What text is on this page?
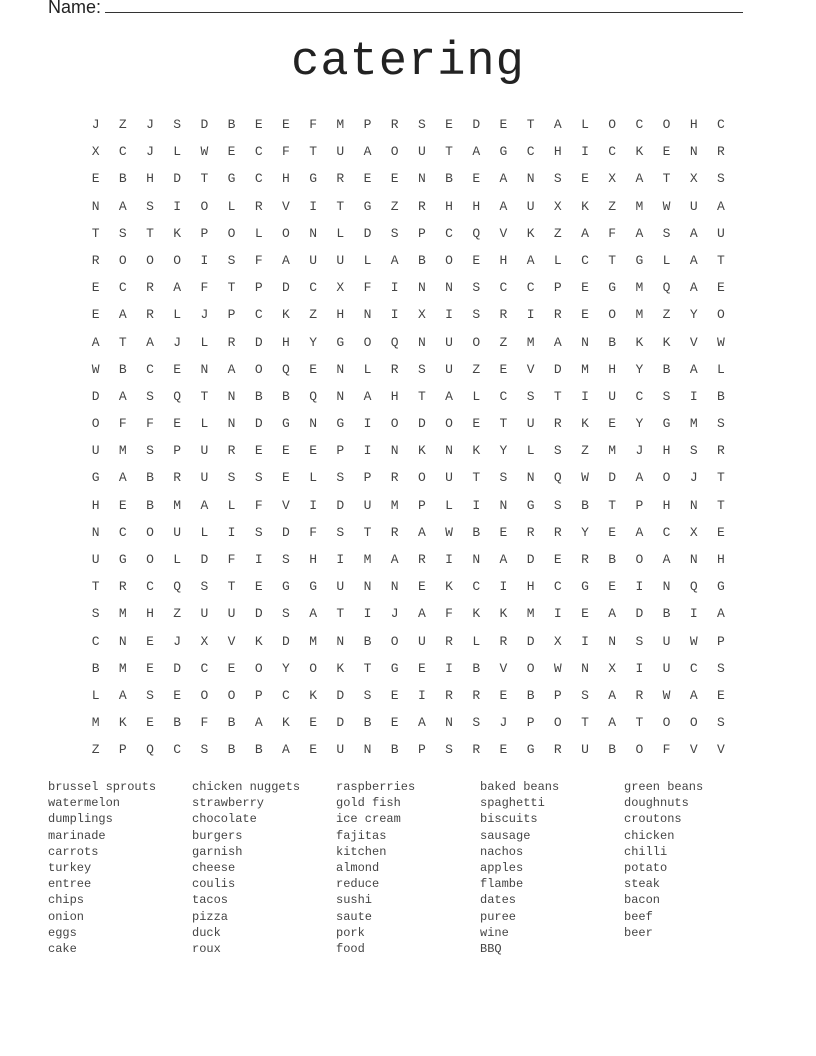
Name:
catering
J	Z	J	S	D	B	E	E	F	M	P	R	S	E	D	E	T	A	L	O	C	O	H	C
X	C	J	L	W	E	C	F	T	U	A	O	U	T	A	G	C	H	I	C	K	E	N	R
E	B	H	D	T	G	C	H	G	R	E	E	N	B	E	A	N	S	E	X	A	T	X	S
N	A	S	I	O	L	R	V	I	T	G	Z	R	H	H	A	U	X	K	Z	M	W	U	A
T	S	T	K	P	O	L	O	N	L	D	S	P	C	Q	V	K	Z	A	F	A	S	A	U
R	O	O	O	I	S	F	A	U	U	L	A	B	O	E	H	A	L	C	T	G	L	A	T
E	C	R	A	F	T	P	D	C	X	F	I	N	N	S	C	C	P	E	G	M	Q	A	E
E	A	R	L	J	P	C	K	Z	H	N	I	X	I	S	R	I	R	E	O	M	Z	Y	O
A	T	A	J	L	R	D	H	Y	G	O	Q	N	U	O	Z	M	A	N	B	K	K	V	W
W	B	C	E	N	A	O	Q	E	N	L	R	S	U	Z	E	V	D	M	H	Y	B	A	L
D	A	S	Q	T	N	B	B	Q	N	A	H	T	A	L	C	S	T	I	U	C	S	I	B
O	F	F	E	L	N	D	G	N	G	I	O	D	O	E	T	U	R	K	E	Y	G	M	S
U	M	S	P	U	R	E	E	E	P	I	N	K	N	K	Y	L	S	Z	M	J	H	S	R
G	A	B	R	U	S	S	E	L	S	P	R	O	U	T	S	N	Q	W	D	A	O	J	T
H	E	B	M	A	L	F	V	I	D	U	M	P	L	I	N	G	S	B	T	P	H	N	T
N	C	O	U	L	I	S	D	F	S	T	R	A	W	B	E	R	R	Y	E	A	C	X	E
U	G	O	L	D	F	I	S	H	I	M	A	R	I	N	A	D	E	R	B	O	A	N	H
T	R	C	Q	S	T	E	G	G	U	N	N	E	K	C	I	H	C	G	E	I	N	Q	G
S	M	H	Z	U	U	D	S	A	T	I	J	A	F	K	K	M	I	E	A	D	B	I	A
C	N	E	J	X	V	K	D	M	N	B	O	U	R	L	R	D	X	I	N	S	U	W	P
B	M	E	D	C	E	O	Y	O	K	T	G	E	I	B	V	O	W	N	X	I	U	C	S
L	A	S	E	O	O	P	C	K	D	S	E	I	R	R	E	B	P	S	A	R	W	A	E
M	K	E	B	F	B	A	K	E	D	B	E	A	N	S	J	P	O	T	A	T	O	O	S
Z	P	Q	C	S	B	B	A	E	U	N	B	P	S	R	E	G	R	U	B	O	F	V	V
brussel sprouts
watermelon
dumplings
marinade
carrots
turkey
entree
chips
onion
eggs
cake
chicken nuggets
strawberry
chocolate
burgers
garnish
cheese
coulis
tacos
pizza
duck
roux
raspberries
gold fish
ice cream
fajitas
kitchen
almond
reduce
sushi
saute
pork
food
baked beans
spaghetti
biscuits
sausage
nachos
apples
flambe
dates
puree
wine
BBQ
green beans
doughnuts
croutons
chicken
chilli
potato
steak
bacon
beef
beer
